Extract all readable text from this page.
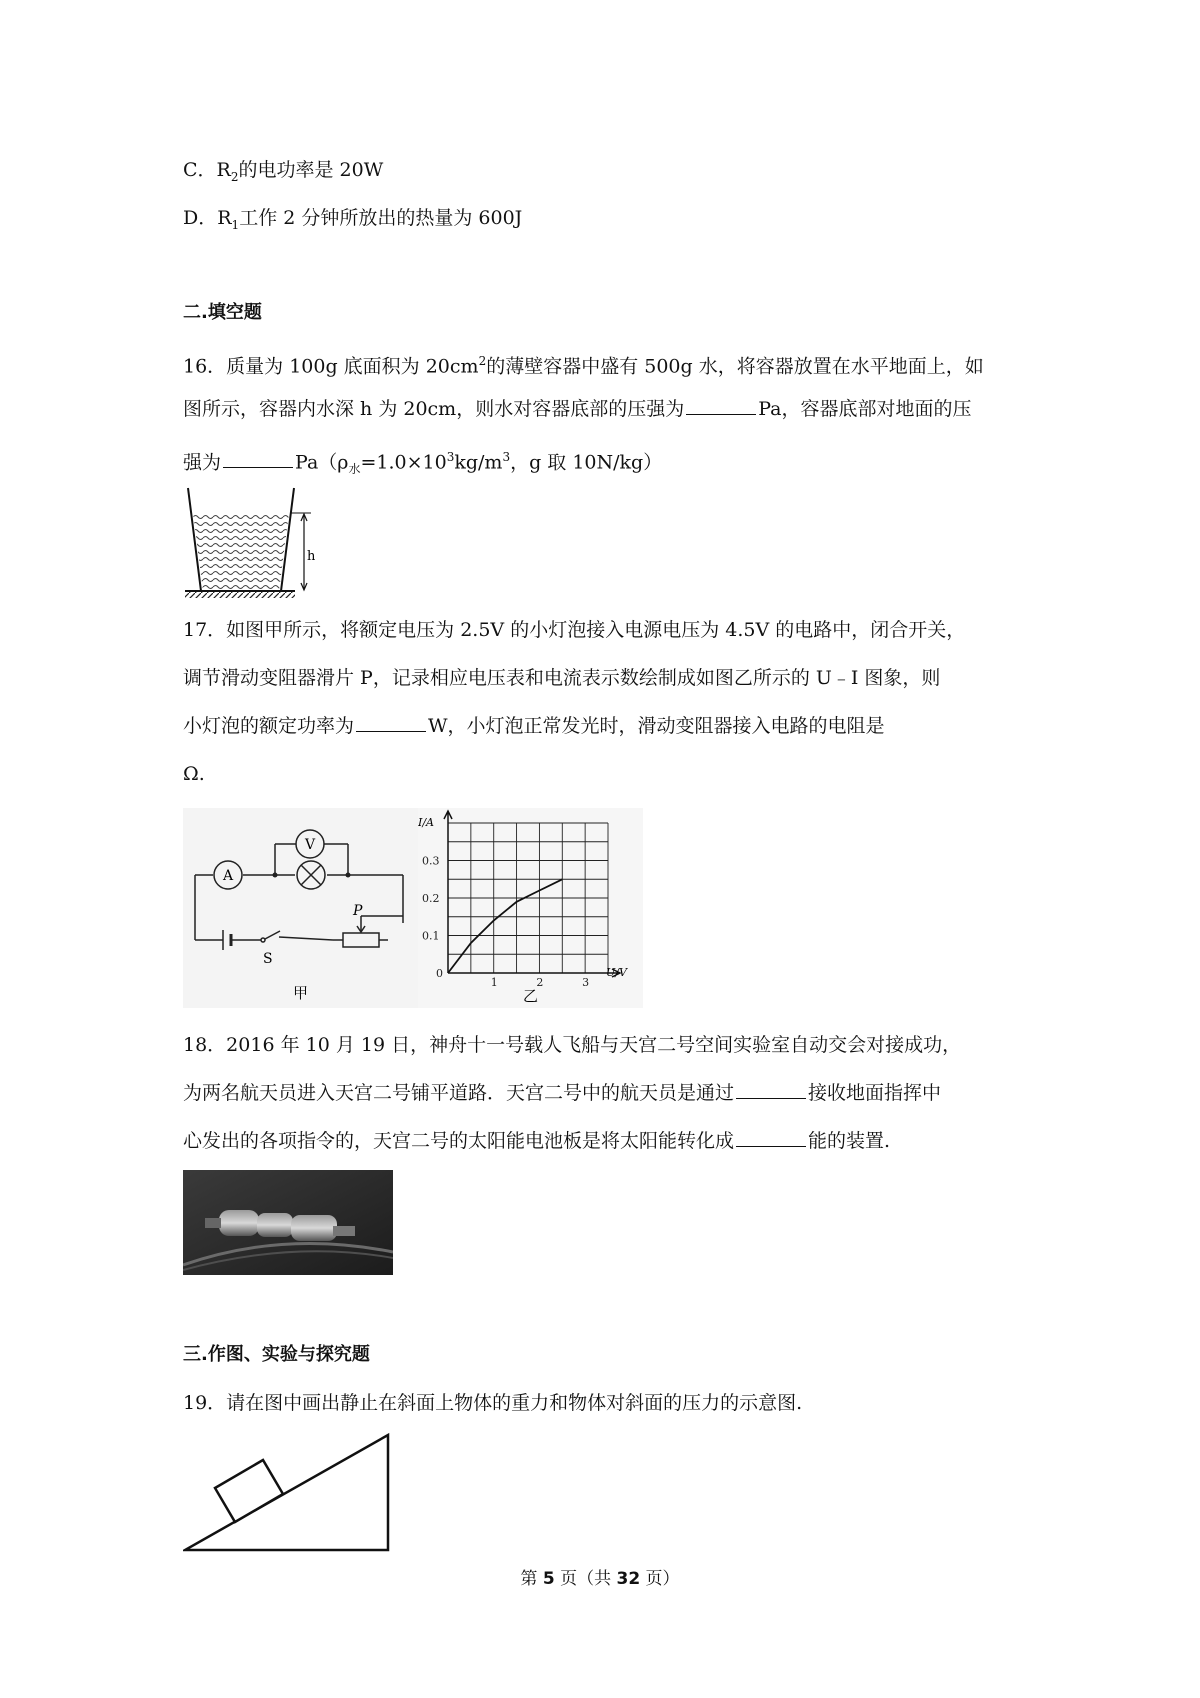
C．$R_2$的电功率是 20W
D．$R_1$工作 2 分钟所放出的热量为 600J
二.填空题
16．质量为 100g 底面积为 $20cm^2$的薄壁容器中盛有 500g 水，将容器放置在水平地面上，如
图所示，容器内水深 h 为 20cm，则水对容器底部的压强为	Pa，容器底部对地面的压
强为	$Pa(\rho_水=1.0\times 10^3kg/m^3$，g 取 10N/kg）
h
17．如图甲所示，将额定电压为 2.5V 的小灯泡接入电源电压为 4.5V 的电路中，闭合开关，
调节滑动变阻器滑片 P，记录相应电压表和电流表示数绘制成如图乙所示的 U﹣I 图象，则
小灯泡的额定功率为	W，小灯泡正常发光时，滑动变阻器接入电路的电阻是
Ω.
A
V
S
P
甲
0
1	2	3
0.1
0.2
0.3
I/A
U/V
乙
18．2016 年 10 月 19 日，神舟十一号载人飞船与天宫二号空间实验室自动交会对接成功，
为两名航天员进入天宫二号铺平道路．天宫二号中的航天员是通过	接收地面指挥中
心发出的各项指令的，天宫二号的太阳能电池板是将太阳能转化成	能的装置.
三.作图、实验与探究题
19．请在图中画出静止在斜面上物体的重力和物体对斜面的压力的示意图.
第 5 页（共 32 页）
